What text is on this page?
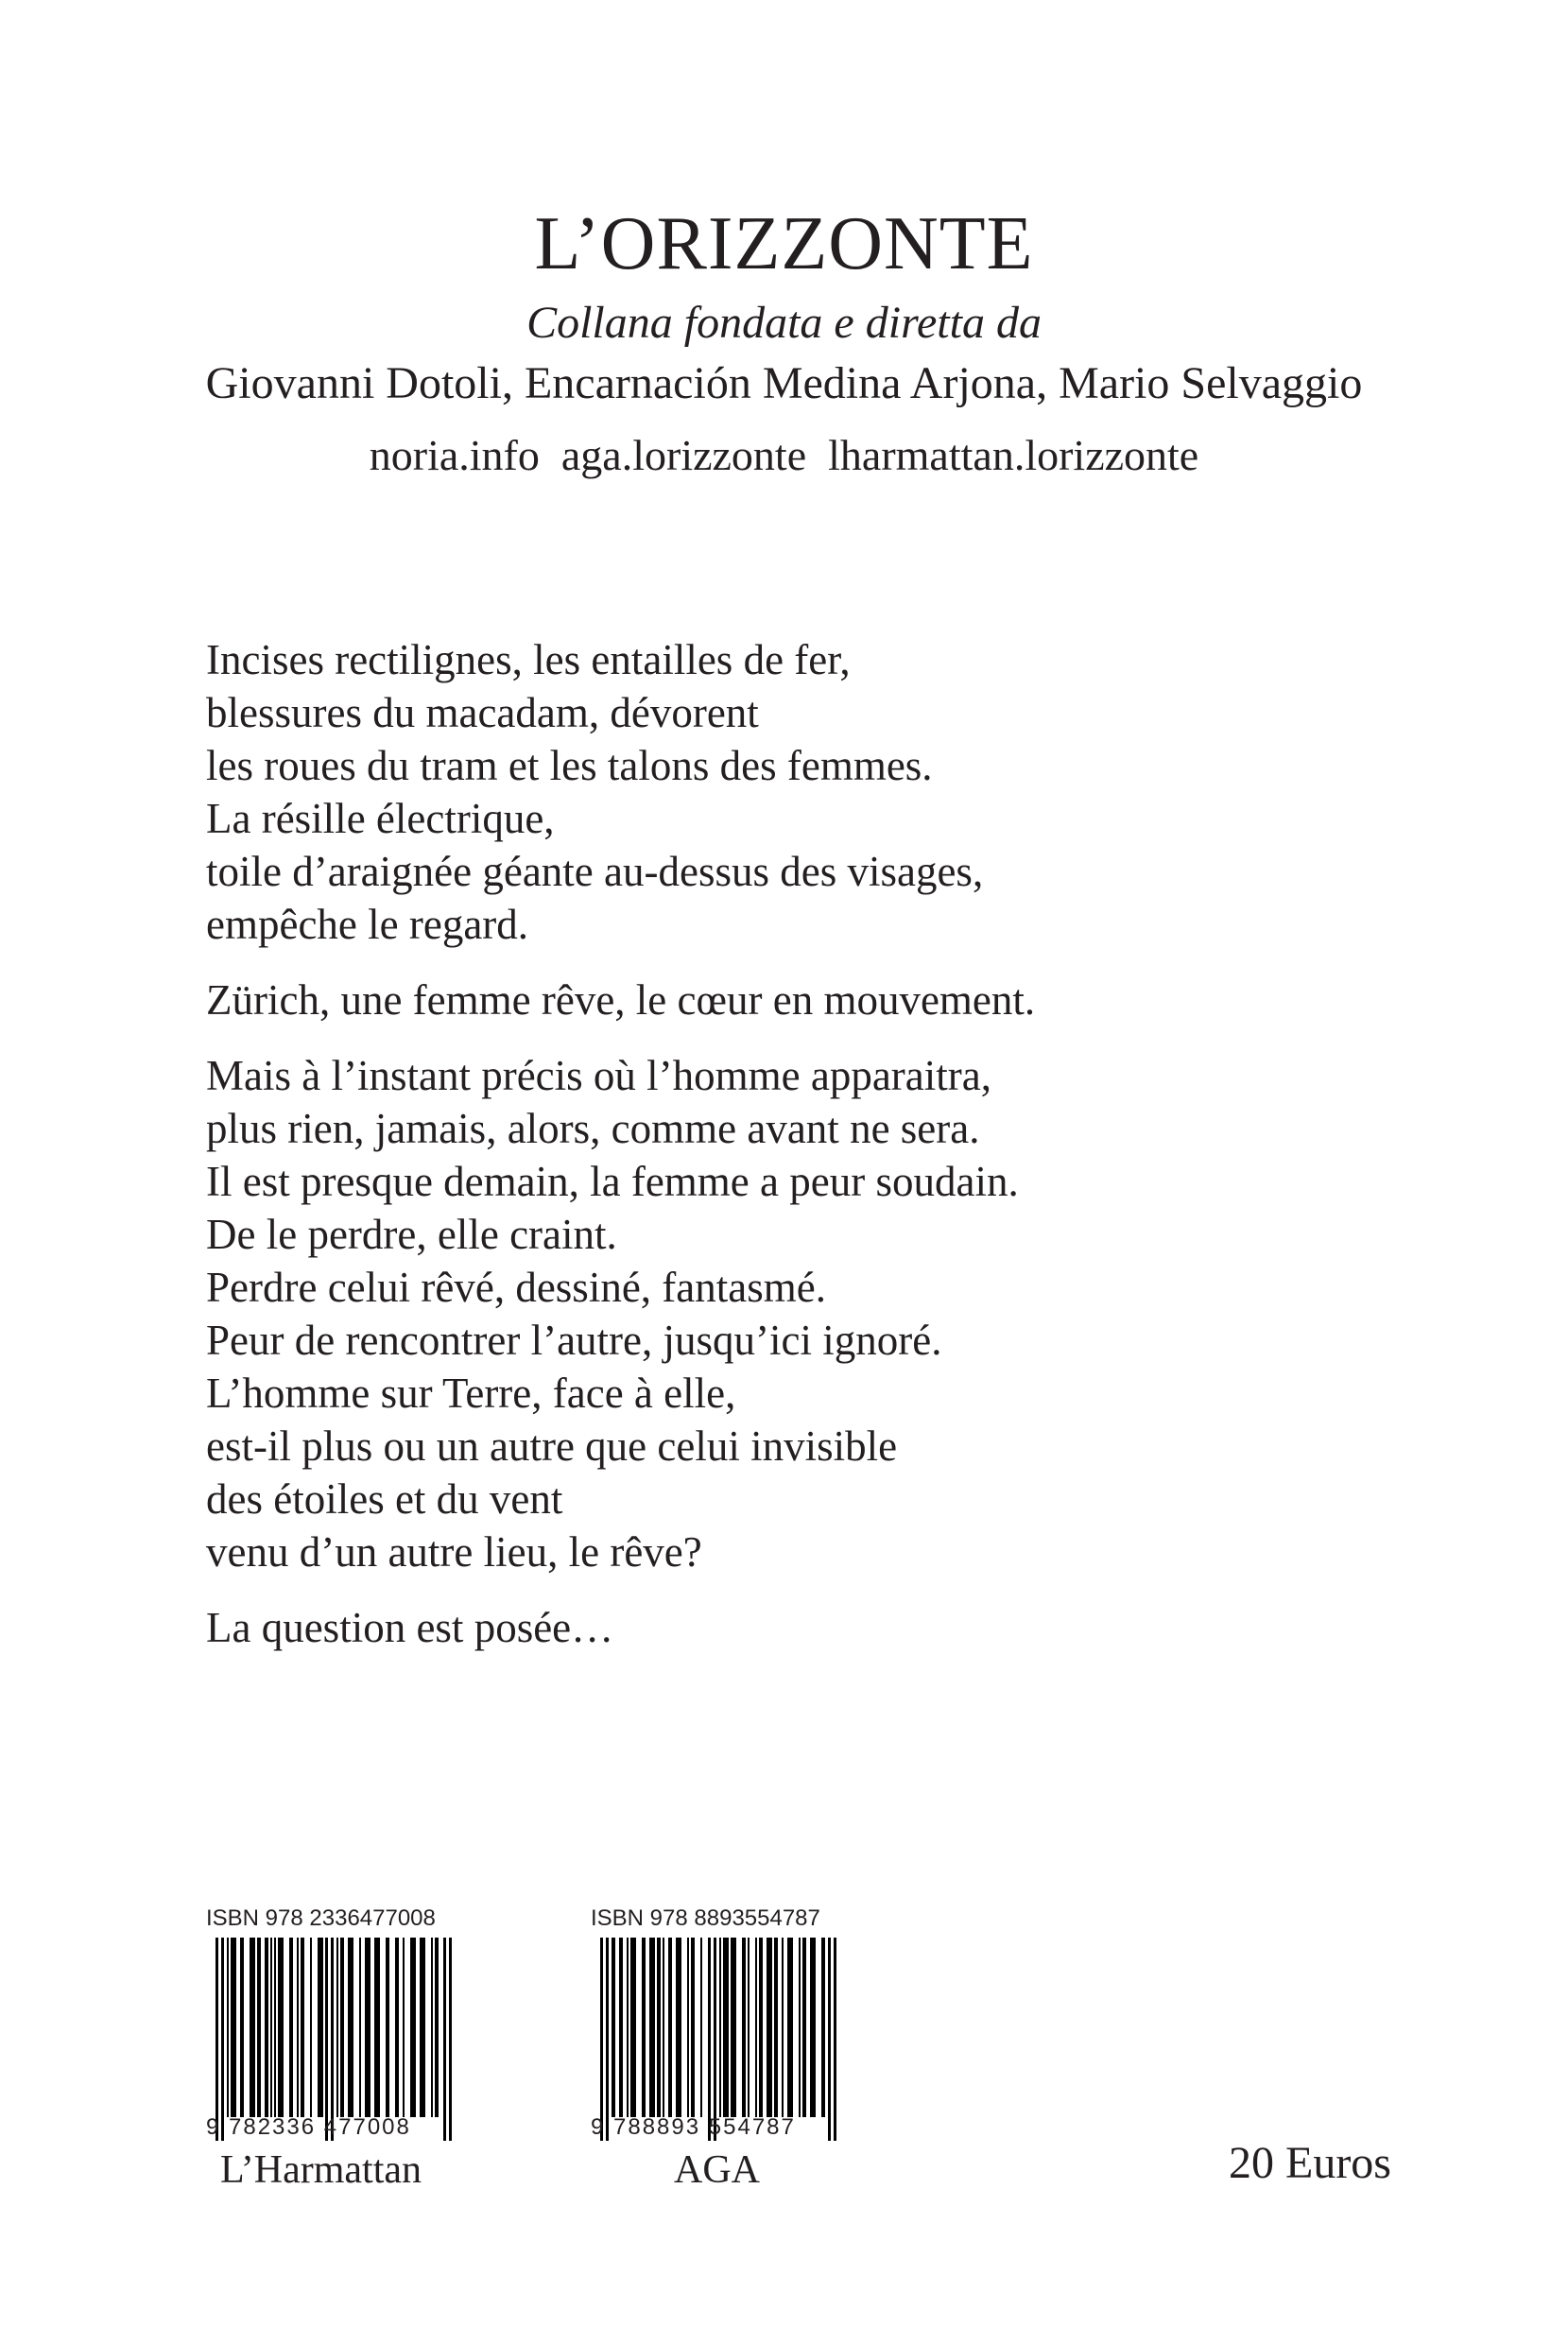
L’ORIZZONTE
Collana fondata e diretta da
Giovanni Dotoli, Encarnación Medina Arjona, Mario Selvaggio
noria.info  aga.lorizzonte  lharmattan.lorizzonte
Incises rectilignes, les entailles de fer,
blessures du macadam, dévorent
les roues du tram et les talons des femmes.
La résille électrique,
toile d’araignée géante au-dessus des visages,
empêche le regard.
Zürich, une femme rêve, le cœur en mouvement.
Mais à l’instant précis où l’homme apparaitra,
plus rien, jamais, alors, comme avant ne sera.
Il est presque demain, la femme a peur soudain.
De le perdre, elle craint.
Perdre celui rêvé, dessiné, fantasmé.
Peur de rencontrer l’autre, jusqu’ici ignoré.
L’homme sur Terre, face à elle,
est-il plus ou un autre que celui invisible
des étoiles et du vent
venu d’un autre lieu, le rêve?
La question est posée…
ISBN 978 2336477008
9 782336 477008
ISBN 978 8893554787
9 788893 554787
L’Harmattan	AGA	20 Euros
